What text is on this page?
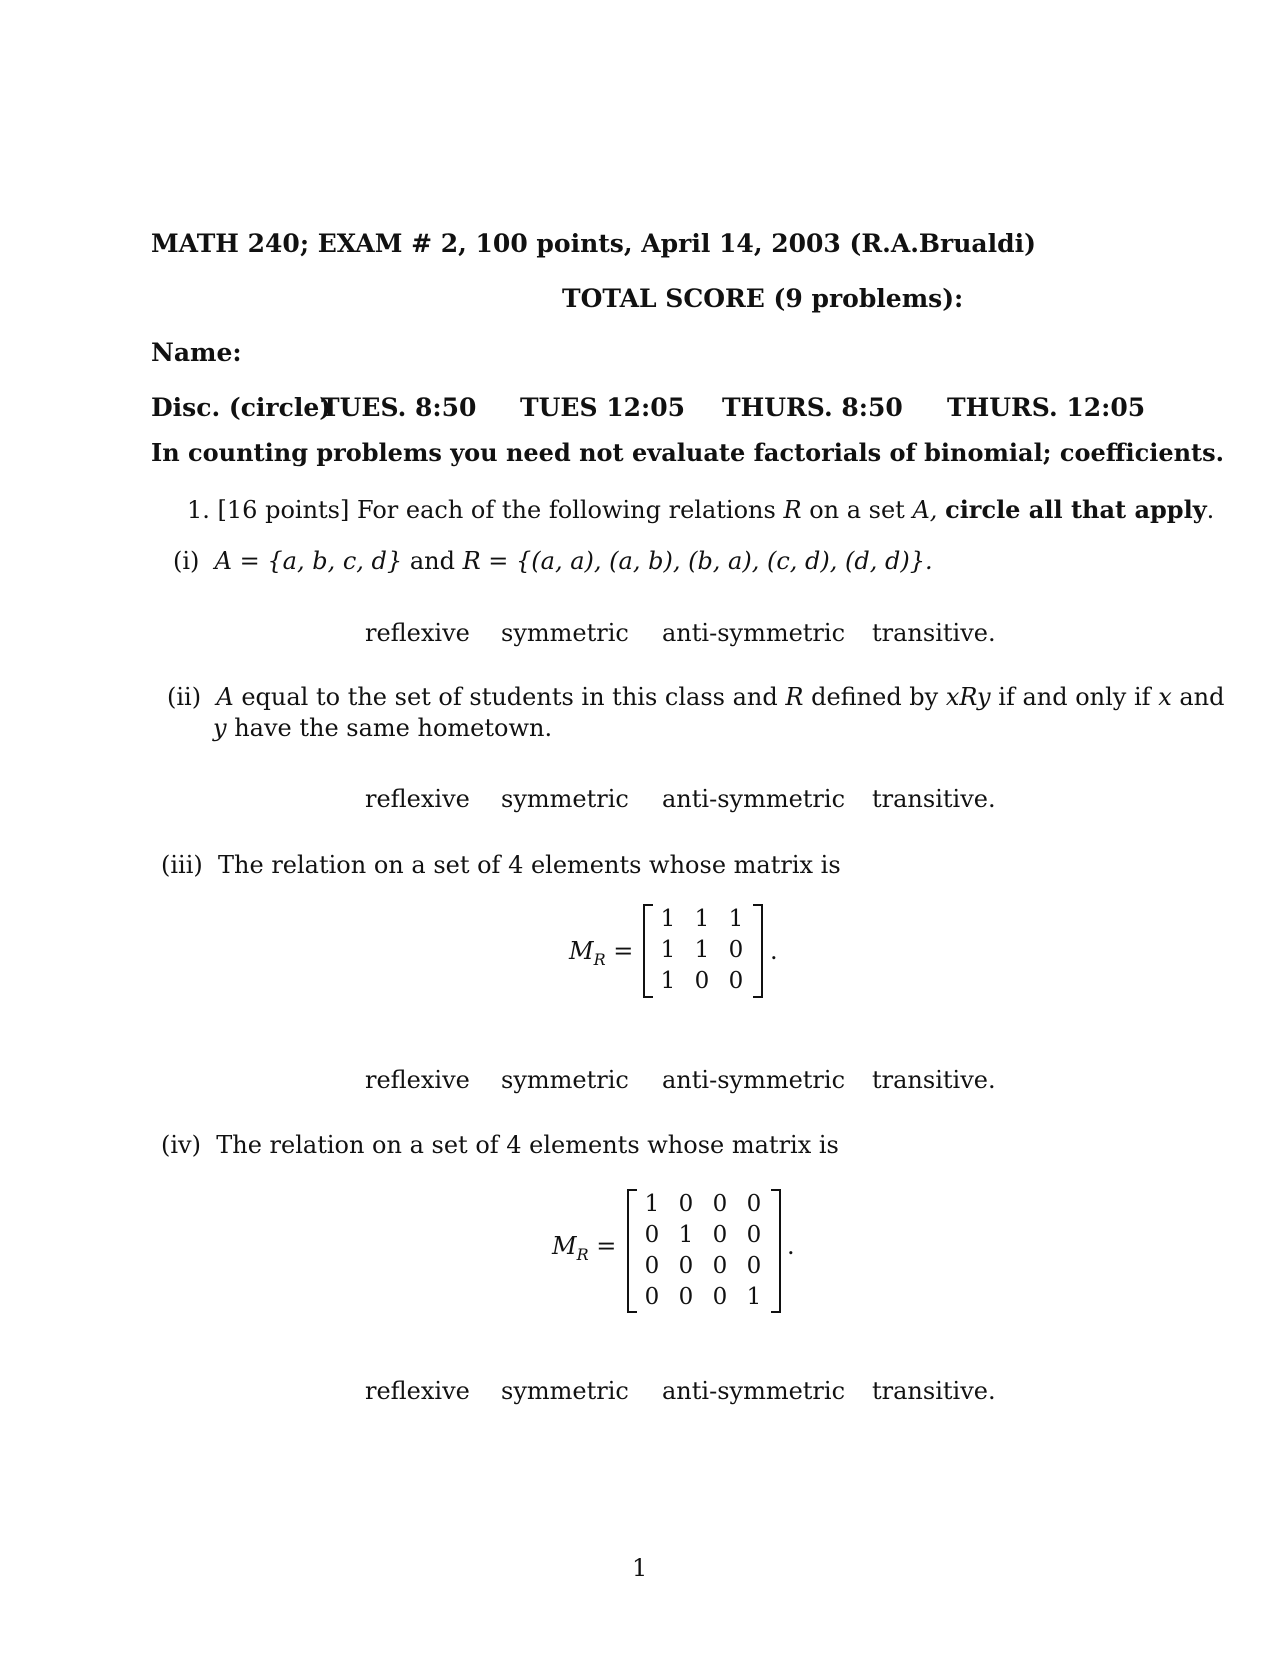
MATH 240; EXAM # 2, 100 points, April 14, 2003 (R.A.Brualdi)
TOTAL SCORE (9 problems):
Name:
Disc. (circle)
TUES. 8:50 TUES 12:05 THURS. 8:50 THURS. 12:05
In counting problems you need not evaluate factorials of binomial; coefficients.
1. [16 points] For each of the following relations R on a set A, circle all that apply.
(i) A = {a, b, c, d} and R = {(a, a), (a, b), (b, a), (c, d), (d, d)}.
reflexive symmetric anti-symmetric transitive.
(ii) A equal to the set of students in this class and R defined by xRy if and only if x and
y have the same hometown.
reflexive symmetric anti-symmetric transitive.
(iii) The relation on a set of 4 elements whose matrix is
$M_R$ =
1 1 1
1 1 0
1 0 0
.
reflexive symmetric anti-symmetric transitive.
(iv) The relation on a set of 4 elements whose matrix is
$M_R$ =
1 0 0 0
0 1 0 0
0 0 0 0
0 0 0 1
.
reflexive symmetric anti-symmetric transitive.
1
